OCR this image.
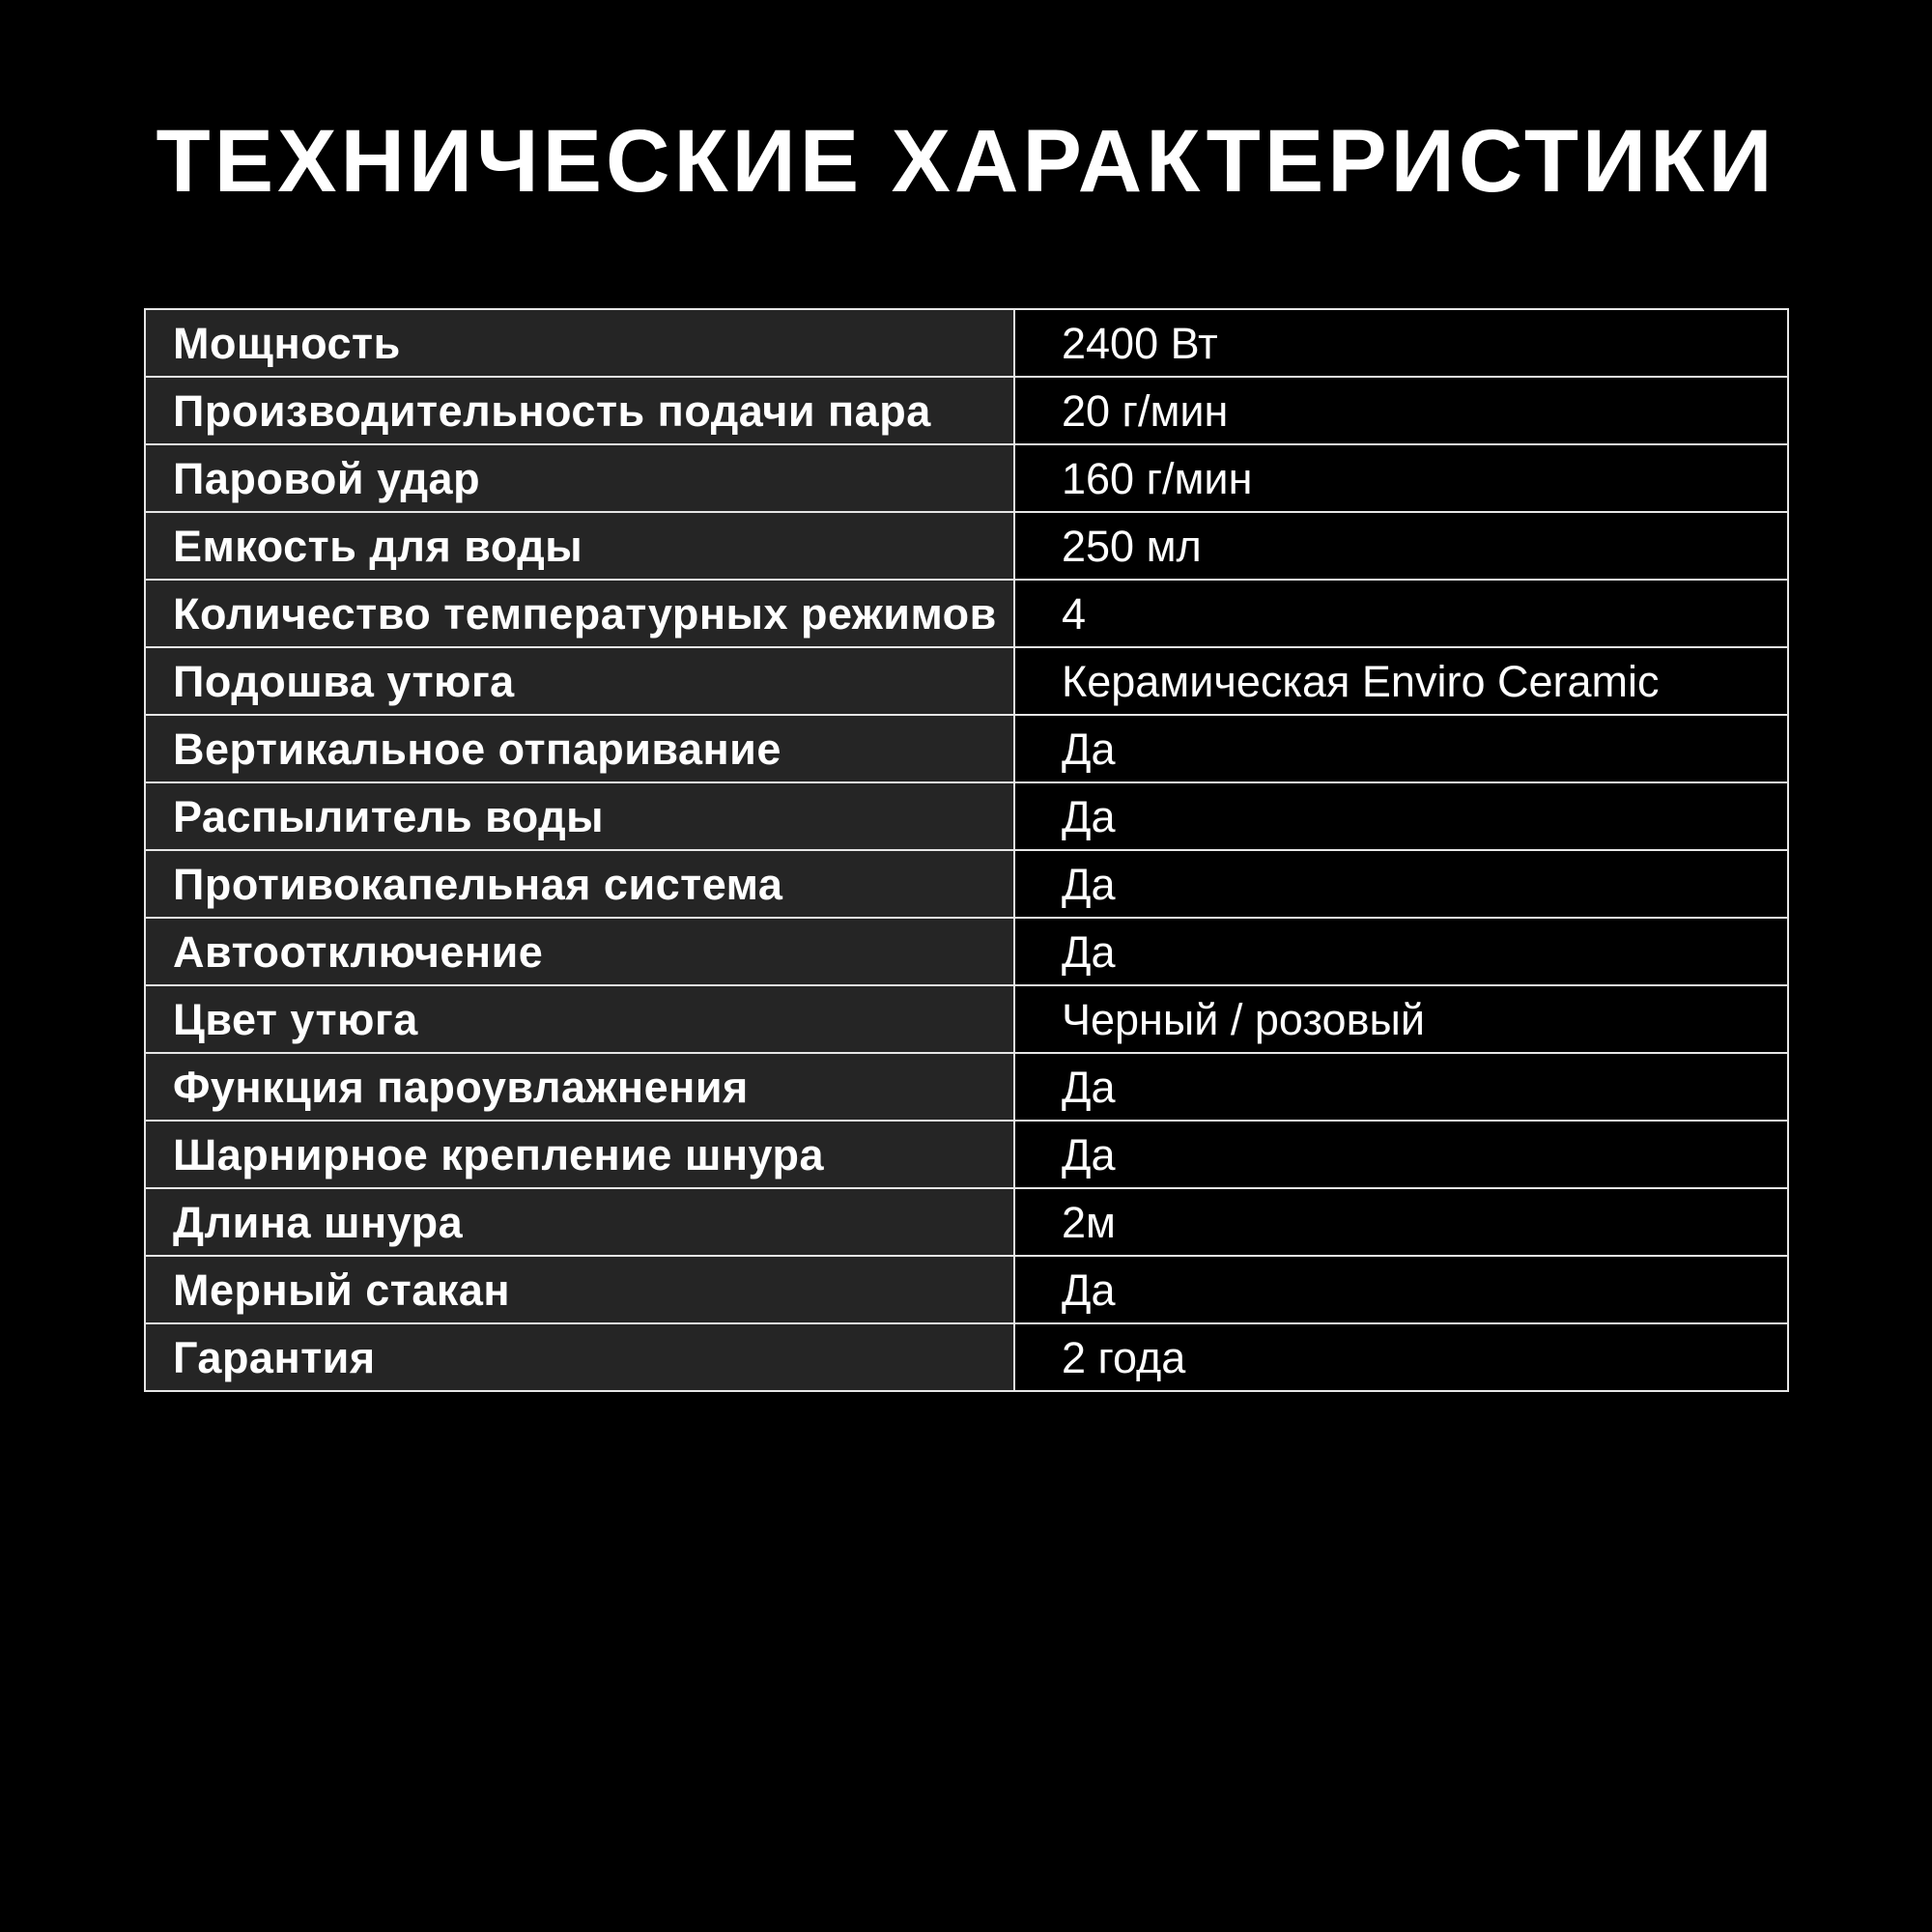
ТЕХНИЧЕСКИЕ ХАРАКТЕРИСТИКИ
Мощность	2400 Вт
Производительность подачи пара	20 г/мин
Паровой удар	160 г/мин
Емкость для воды	250 мл
Количество температурных режимов	4
Подошва утюга	Керамическая Enviro Ceramic
Вертикальное отпаривание	Да
Распылитель воды	Да
Противокапельная система	Да
Автоотключение	Да
Цвет утюга	Черный / розовый
Функция пароувлажнения	Да
Шарнирное крепление шнура	Да
Длина шнура	2м
Мерный стакан	Да
Гарантия	2 года
